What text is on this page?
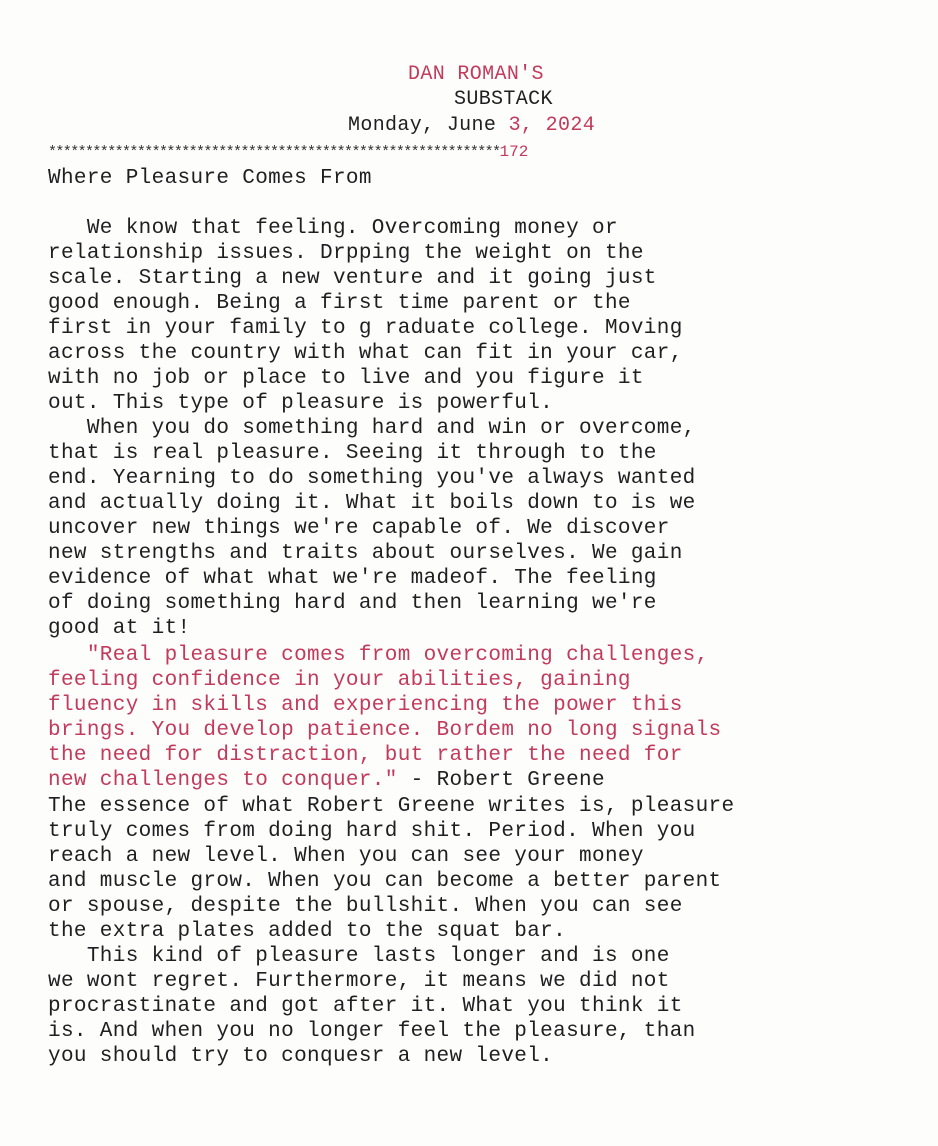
DAN ROMAN'S
SUBSTACK
Monday, June 3, 2024
*************************************************************172
Where Pleasure Comes From
We know that feeling. Overcoming money or
relationship issues. Drpping the weight on the
scale. Starting a new venture and it going just
good enough. Being a first time parent or the
first in your family to g raduate college. Moving
across the country with what can fit in your car,
with no job or place to live and you figure it
out. This type of pleasure is powerful.
When you do something hard and win or overcome,
that is real pleasure. Seeing it through to the
end. Yearning to do something you've always wanted
and actually doing it. What it boils down to is we
uncover new things we're capable of. We discover
new strengths and traits about ourselves. We gain
evidence of what what we're madeof. The feeling
of doing something hard and then learning we're
good at it!
"Real pleasure comes from overcoming challenges,
feeling confidence in your abilities, gaining
fluency in skills and experiencing the power this
brings. You develop patience. Bordem no long signals
the need for distraction, but rather the need for
new challenges to conquer." - Robert Greene
The essence of what Robert Greene writes is, pleasure
truly comes from doing hard shit. Period. When you
reach a new level. When you can see your money
and muscle grow. When you can become a better parent
or spouse, despite the bullshit. When you can see
the extra plates added to the squat bar.
This kind of pleasure lasts longer and is one
we wont regret. Furthermore, it means we did not
procrastinate and got after it. What you think it
is. And when you no longer feel the pleasure, than
you should try to conquesr a new level.
